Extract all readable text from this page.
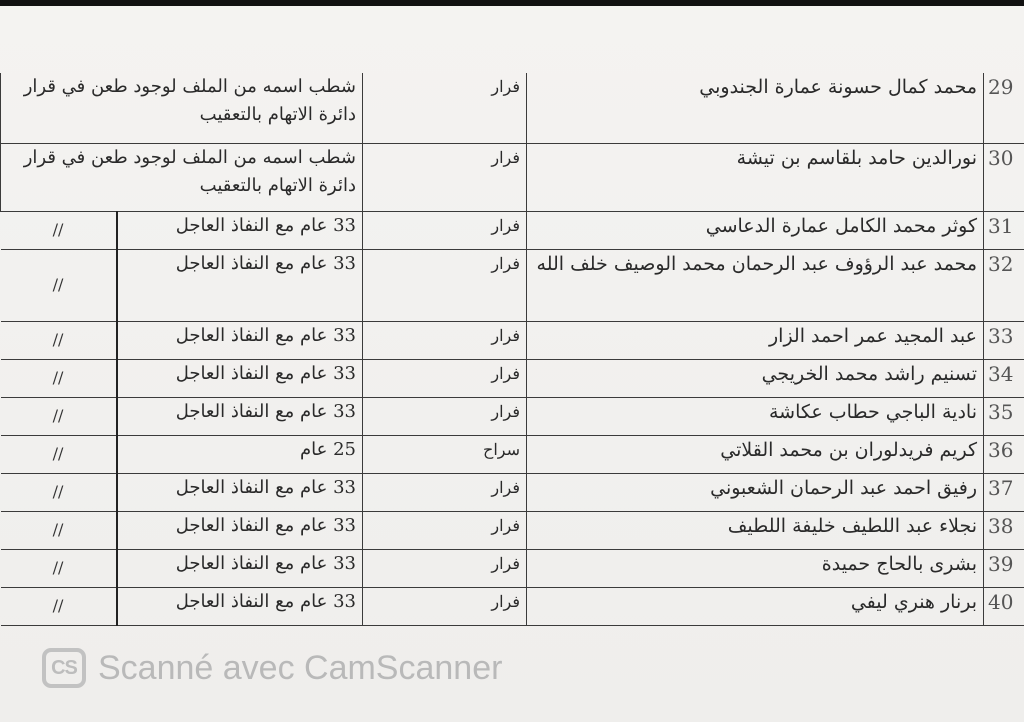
شطب اسمه من الملف لوجود طعن في قرار دائرة الاتهام بالتعقيب		فرار	محمد كمال حسونة عمارة الجندوبي	29
شطب اسمه من الملف لوجود طعن في قرار دائرة الاتهام بالتعقيب		فرار	نورالدين حامد بلقاسم بن تيشة	30
//	33 عام مع النفاذ العاجل	فرار	كوثر محمد الكامل عمارة الدعاسي	31
//	33 عام مع النفاذ العاجل	فرار	محمد عبد الرؤوف عبد الرحمان محمد الوصيف خلف الله	32
//	33 عام مع النفاذ العاجل	فرار	عبد المجيد عمر احمد الزار	33
//	33 عام مع النفاذ العاجل	فرار	تسنيم راشد محمد الخريجي	34
//	33 عام مع النفاذ العاجل	فرار	نادية الباجي حطاب عكاشة	35
//	25 عام	سراح	كريم فريدلوران بن محمد القلاتي	36
//	33 عام مع النفاذ العاجل	فرار	رفيق احمد عبد الرحمان الشعبوني	37
//	33 عام مع النفاذ العاجل	فرار	نجلاء عبد اللطيف خليفة اللطيف	38
//	33 عام مع النفاذ العاجل	فرار	بشرى بالحاج حميدة	39
//	33 عام مع النفاذ العاجل	فرار	برنار هنري ليفي	40
CS Scanné avec CamScanner
